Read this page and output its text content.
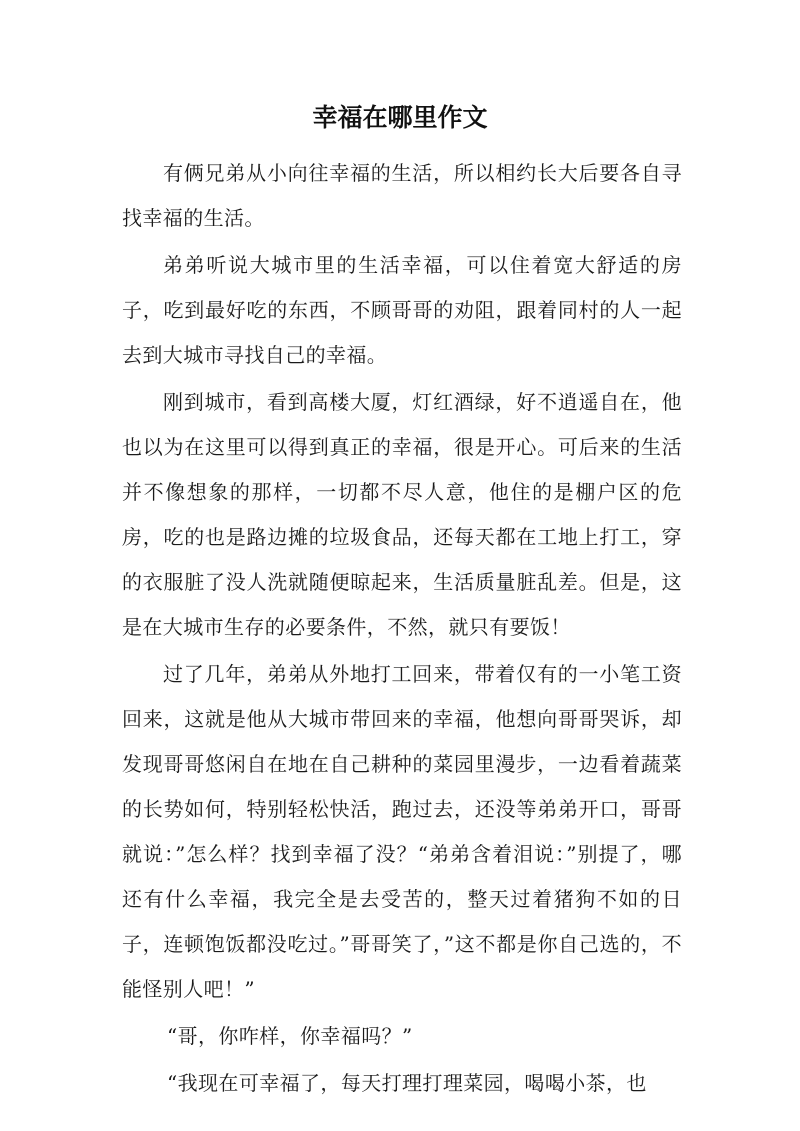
幸福在哪里作文

有俩兄弟从小向往幸福的生活，所以相约长大后要各自寻找幸福的生活。

弟弟听说大城市里的生活幸福，可以住着宽大舒适的房子，吃到最好吃的东西，不顾哥哥的劝阻，跟着同村的人一起去到大城市寻找自己的幸福。

刚到城市，看到高楼大厦，灯红酒绿，好不逍遥自在，他也以为在这里可以得到真正的幸福，很是开心。可后来的生活并不像想象的那样，一切都不尽人意，他住的是棚户区的危房，吃的也是路边摊的垃圾食品，还每天都在工地上打工，穿的衣服脏了没人洗就随便晾起来，生活质量脏乱差。但是，这是在大城市生存的必要条件，不然，就只有要饭！

过了几年，弟弟从外地打工回来，带着仅有的一小笔工资回来，这就是他从大城市带回来的幸福，他想向哥哥哭诉，却发现哥哥悠闲自在地在自己耕种的菜园里漫步，一边看着蔬菜的长势如何，特别轻松快活，跑过去，还没等弟弟开口，哥哥就说：”怎么样？找到幸福了没？“弟弟含着泪说：”别提了，哪还有什么幸福，我完全是去受苦的，整天过着猪狗不如的日子，连顿饱饭都没吃过。”哥哥笑了，”这不都是你自己选的，不能怪别人吧！”

“哥，你咋样，你幸福吗？”

“我现在可幸福了，每天打理打理菜园，喝喝小茶，也
